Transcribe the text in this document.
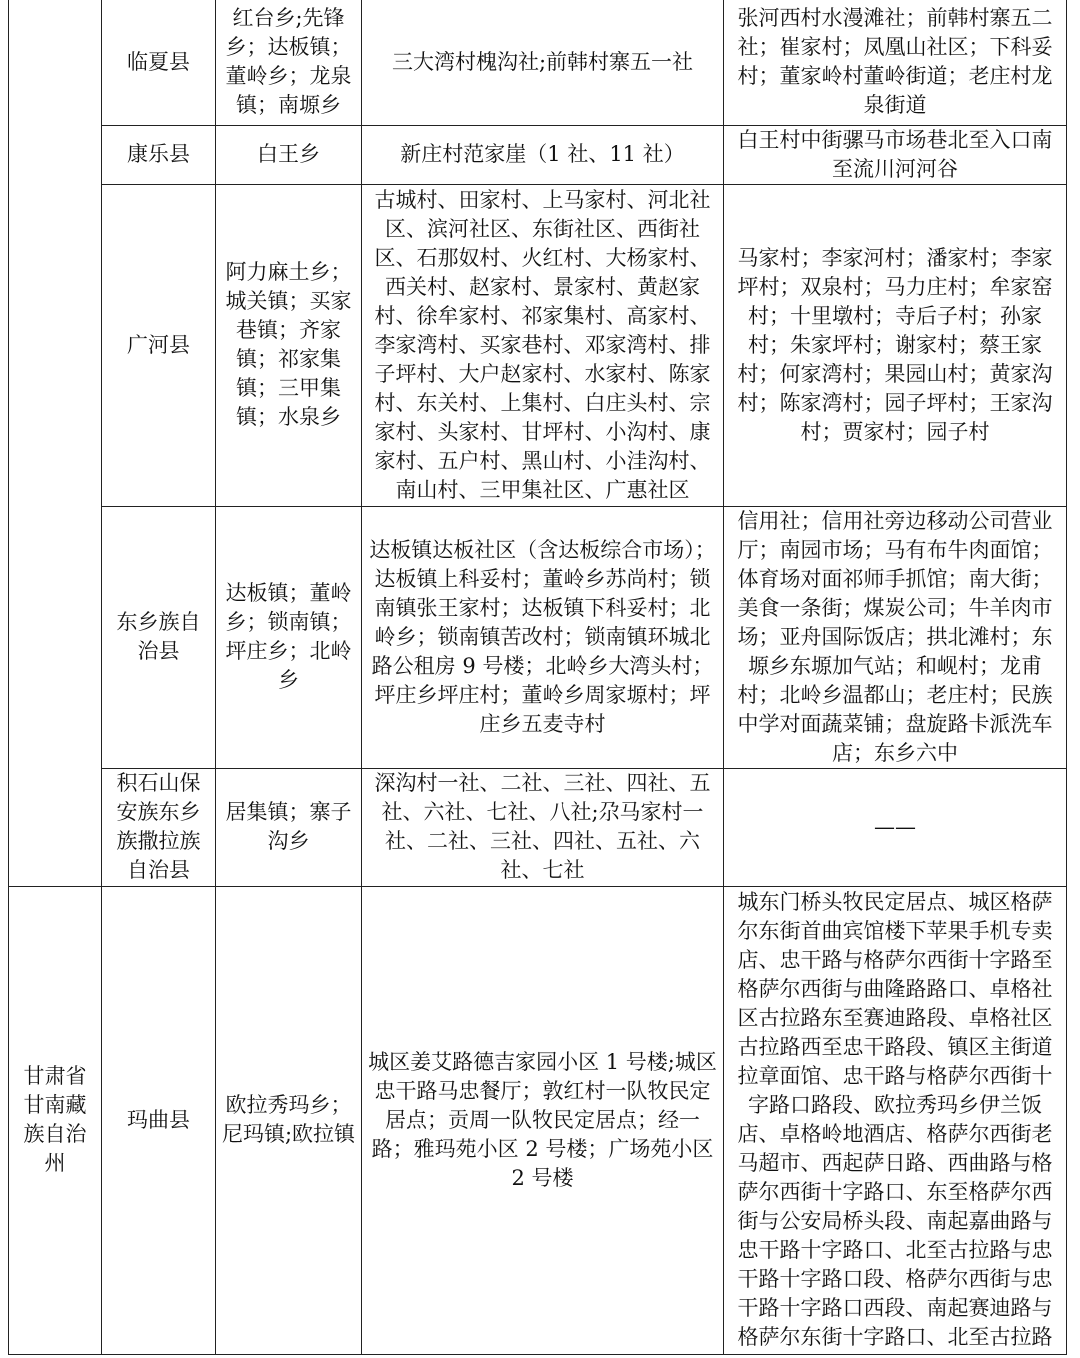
	临夏县	红台乡;先锋乡；达板镇；董岭乡；龙泉镇；南塬乡	三大湾村槐沟社;前韩村寨五一社	张河西村水漫滩社；前韩村寨五二社；崔家村；凤凰山社区；下科妥村；董家岭村董岭街道；老庄村龙泉街道
	康乐县	白王乡	新庄村范家崖（1 社、11 社）	白王村中街骡马市场巷北至入口南至流川河河谷
	广河县	阿力麻土乡；城关镇；买家巷镇；齐家镇；祁家集镇；三甲集镇；水泉乡	古城村、田家村、上马家村、河北社区、滨河社区、东街社区、西街社区、石那奴村、火红村、大杨家村、西关村、赵家村、景家村、黄赵家村、徐牟家村、祁家集村、高家村、李家湾村、买家巷村、邓家湾村、排子坪村、大户赵家村、水家村、陈家村、东关村、上集村、白庄头村、宗家村、头家村、甘坪村、小沟村、康家村、五户村、黑山村、小洼沟村、南山村、三甲集社区、广惠社区	马家村；李家河村；潘家村；李家坪村；双泉村；马力庄村；牟家窑村；十里墩村；寺后子村；孙家村；朱家坪村；谢家村；蔡王家村；何家湾村；果园山村；黄家沟村；陈家湾村；园子坪村；王家沟村；贾家村；园子村
	东乡族自治县	达板镇；董岭乡；锁南镇；坪庄乡；北岭乡	达板镇达板社区（含达板综合市场）；达板镇上科妥村；董岭乡苏尚村；锁南镇张王家村；达板镇下科妥村；北岭乡；锁南镇苦改村；锁南镇环城北路公租房 9 号楼；北岭乡大湾头村；坪庄乡坪庄村；董岭乡周家塬村；坪庄乡五麦寺村	信用社；信用社旁边移动公司营业厅；南园市场；马有布牛肉面馆；体育场对面祁师手抓馆；南大街；美食一条街；煤炭公司；牛羊肉市场；亚舟国际饭店；拱北滩村；东塬乡东塬加气站；和岘村；龙甫村；北岭乡温都山；老庄村；民族中学对面蔬菜铺；盘旋路卡派洗车店；东乡六中
	积石山保安族东乡族撒拉族自治县	居集镇；寨子沟乡	深沟村一社、二社、三社、四社、五社、六社、七社、八社;尕马家村一社、二社、三社、四社、五社、六社、七社	——
甘肃省甘南藏族自治州	玛曲县	欧拉秀玛乡；尼玛镇;欧拉镇	城区姜艾路德吉家园小区 1 号楼;城区忠干路马忠餐厅；敦红村一队牧民定居点；贡周一队牧民定居点；经一路；雅玛苑小区 2 号楼；广场苑小区 2 号楼	城东门桥头牧民定居点、城区格萨尔东街首曲宾馆楼下苹果手机专卖店、忠干路与格萨尔西街十字路至格萨尔西街与曲隆路路口、卓格社区古拉路东至赛迪路段、卓格社区古拉路西至忠干路段、镇区主街道拉章面馆、忠干路与格萨尔西街十字路口路段、欧拉秀玛乡伊兰饭店、卓格岭地酒店、格萨尔西街老马超市、西起萨日路、西曲路与格萨尔西街十字路口、东至格萨尔西街与公安局桥头段、南起嘉曲路与忠干路十字路口、北至古拉路与忠干路十字路口段、格萨尔西街与忠干路十字路口西段、南起赛迪路与格萨尔东街十字路口、北至古拉路
